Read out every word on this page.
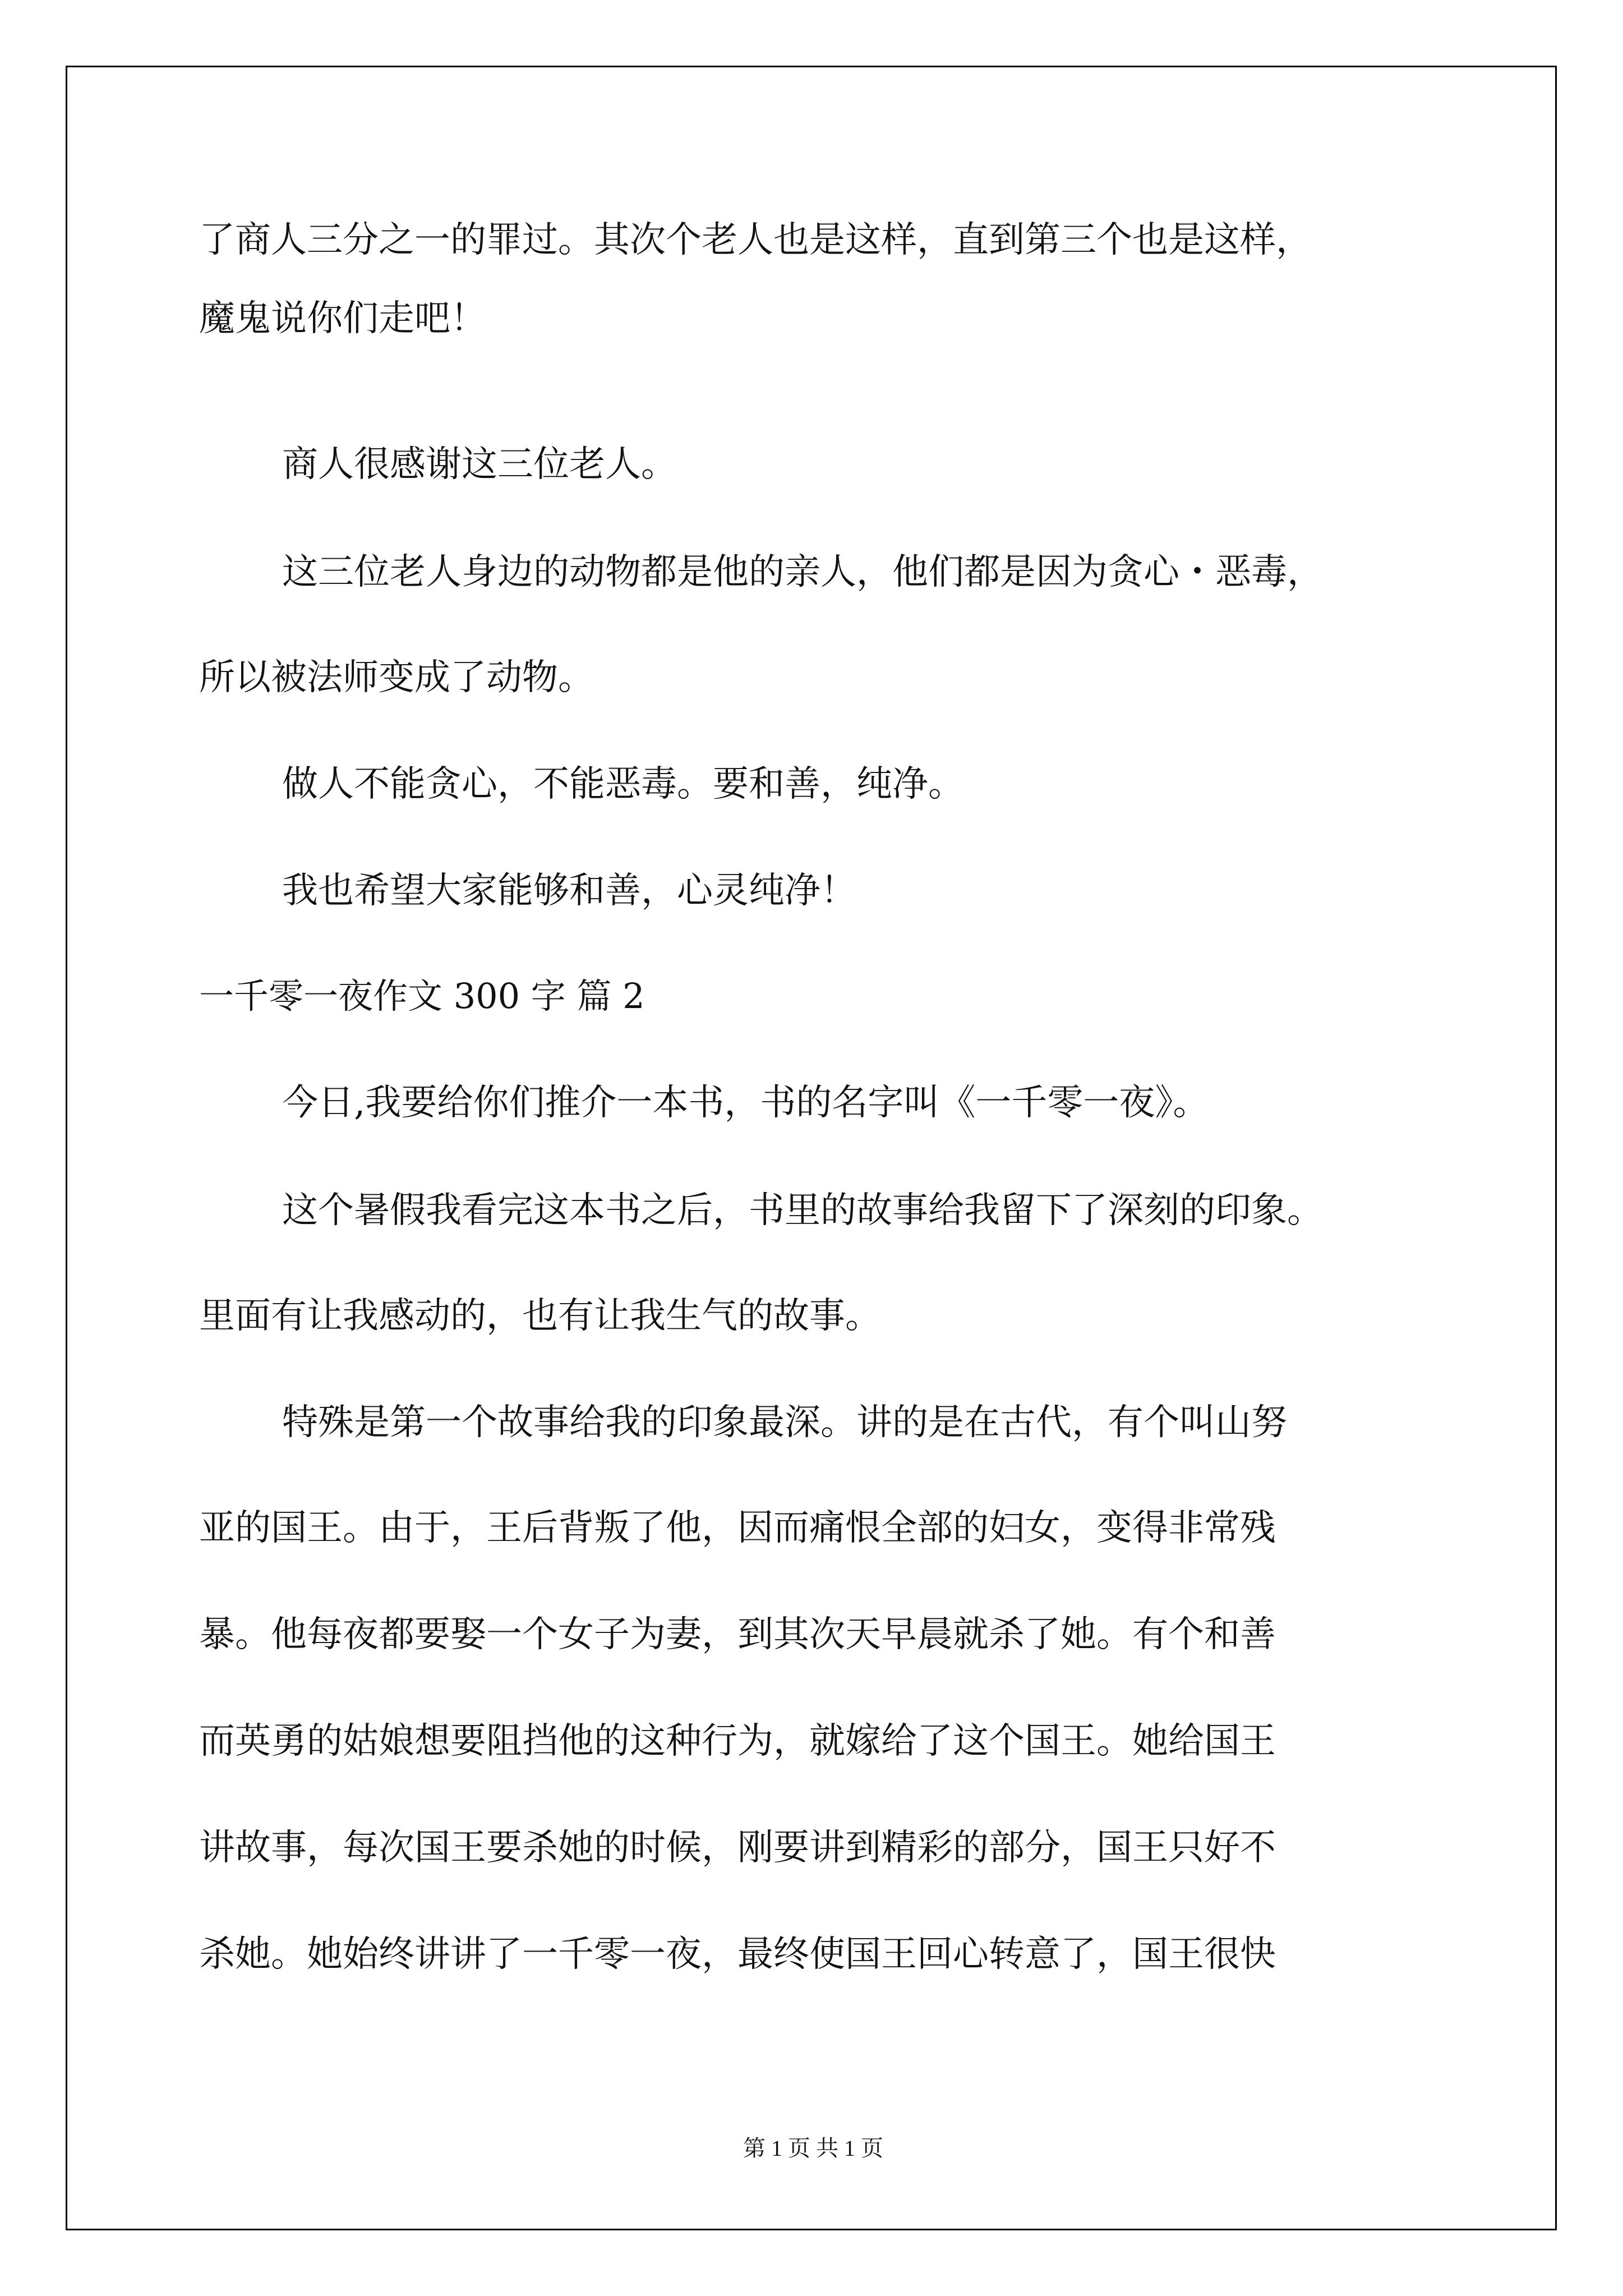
了商人三分之一的罪过。其次个老人也是这样，直到第三个也是这样，
魔鬼说你们走吧！
商人很感谢这三位老人。
这三位老人身边的动物都是他的亲人，他们都是因为贪心・恶毒，
所以被法师变成了动物。
做人不能贪心，不能恶毒。要和善，纯净。
我也希望大家能够和善，心灵纯净！
一千零一夜作文 300 字 篇 2
今日,我要给你们推介一本书，书的名字叫《一千零一夜》。
这个暑假我看完这本书之后，书里的故事给我留下了深刻的印象。
里面有让我感动的，也有让我生气的故事。
特殊是第一个故事给我的印象最深。讲的是在古代，有个叫山努
亚的国王。由于，王后背叛了他，因而痛恨全部的妇女，变得非常残
暴。他每夜都要娶一个女子为妻，到其次天早晨就杀了她。有个和善
而英勇的姑娘想要阻挡他的这种行为，就嫁给了这个国王。她给国王
讲故事，每次国王要杀她的时候，刚要讲到精彩的部分，国王只好不
杀她。她始终讲讲了一千零一夜，最终使国王回心转意了，国王很快
第 1 页 共 1 页
